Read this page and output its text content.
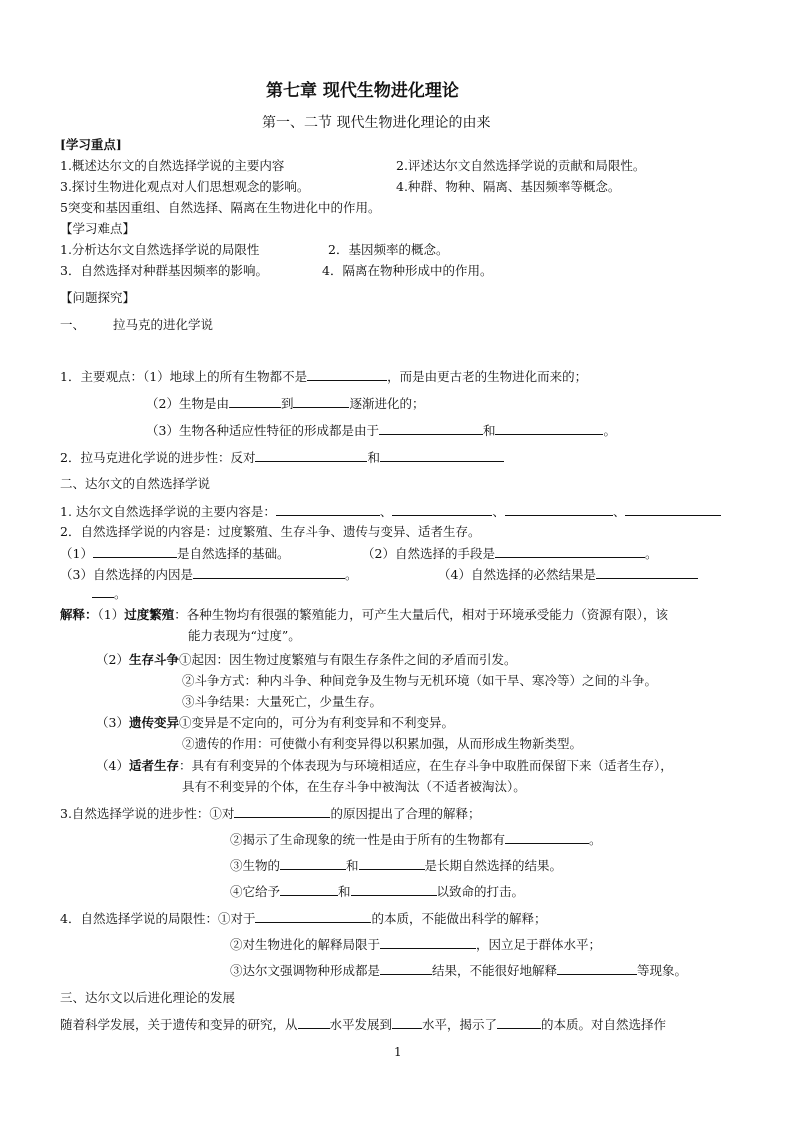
第七章 现代生物进化理论
第一、二节 现代生物进化理论的由来
[学习重点]
1.概述达尔文的自然选择学说的主要内容	2.评述达尔文自然选择学说的贡献和局限性。
3.探讨生物进化观点对人们思想观念的影响。	4.种群、物种、隔离、基因频率等概念。
5突变和基因重组、自然选择、隔离在生物进化中的作用。
【学习难点】
1.分析达尔文自然选择学说的局限性	2．基因频率的概念。
3．自然选择对种群基因频率的影响。	4．隔离在物种形成中的作用。
【问题探究】
一、 拉马克的进化学说
1．主要观点：（1）地球上的所有生物都不是	，而是由更古老的生物进化而来的；
（2）生物是由	到	逐渐进化的；
（3）生物各种适应性特征的形成都是由于	和	。
2．拉马克进化学说的进步性：反对	和
二、达尔文的自然选择学说
1. 达尔文自然选择学说的主要内容是：	、	、	、
2．自然选择学说的内容是：过度繁殖、生存斗争、遗传与变异、适者生存。
（1）	是自然选择的基础。	（2）自然选择的手段是	。
（3）自然选择的内因是	。	（4）自然选择的必然结果是
。
解释：（1）过度繁殖：各种生物均有很强的繁殖能力，可产生大量后代，相对于环境承受能力（资源有限），该
能力表现为“过度”。
（2）生存斗争①起因：因生物过度繁殖与有限生存条件之间的矛盾而引发。
②斗争方式：种内斗争、种间竞争及生物与无机环境（如干旱、寒冷等）之间的斗争。
③斗争结果：大量死亡，少量生存。
（3）遗传变异①变异是不定向的，可分为有利变异和不利变异。
②遗传的作用：可使微小有利变异得以积累加强，从而形成生物新类型。
（4）适者生存：具有有利变异的个体表现为与环境相适应，在生存斗争中取胜而保留下来（适者生存），
具有不利变异的个体，在生存斗争中被淘汰（不适者被淘汰）。
3.自然选择学说的进步性：①对	的原因提出了合理的解释；
②揭示了生命现象的统一性是由于所有的生物都有	。
③生物的	和	是长期自然选择的结果。
④它给予	和	以致命的打击。
4．自然选择学说的局限性：①对于	的本质，不能做出科学的解释；
②对生物进化的解释局限于	，因立足于群体水平；
③达尔文强调物种形成都是	结果，不能很好地解释	等现象。
三、达尔文以后进化理论的发展
随着科学发展，关于遗传和变异的研究，从	水平发展到 水平，揭示了	的本质。对自然选择作
1
